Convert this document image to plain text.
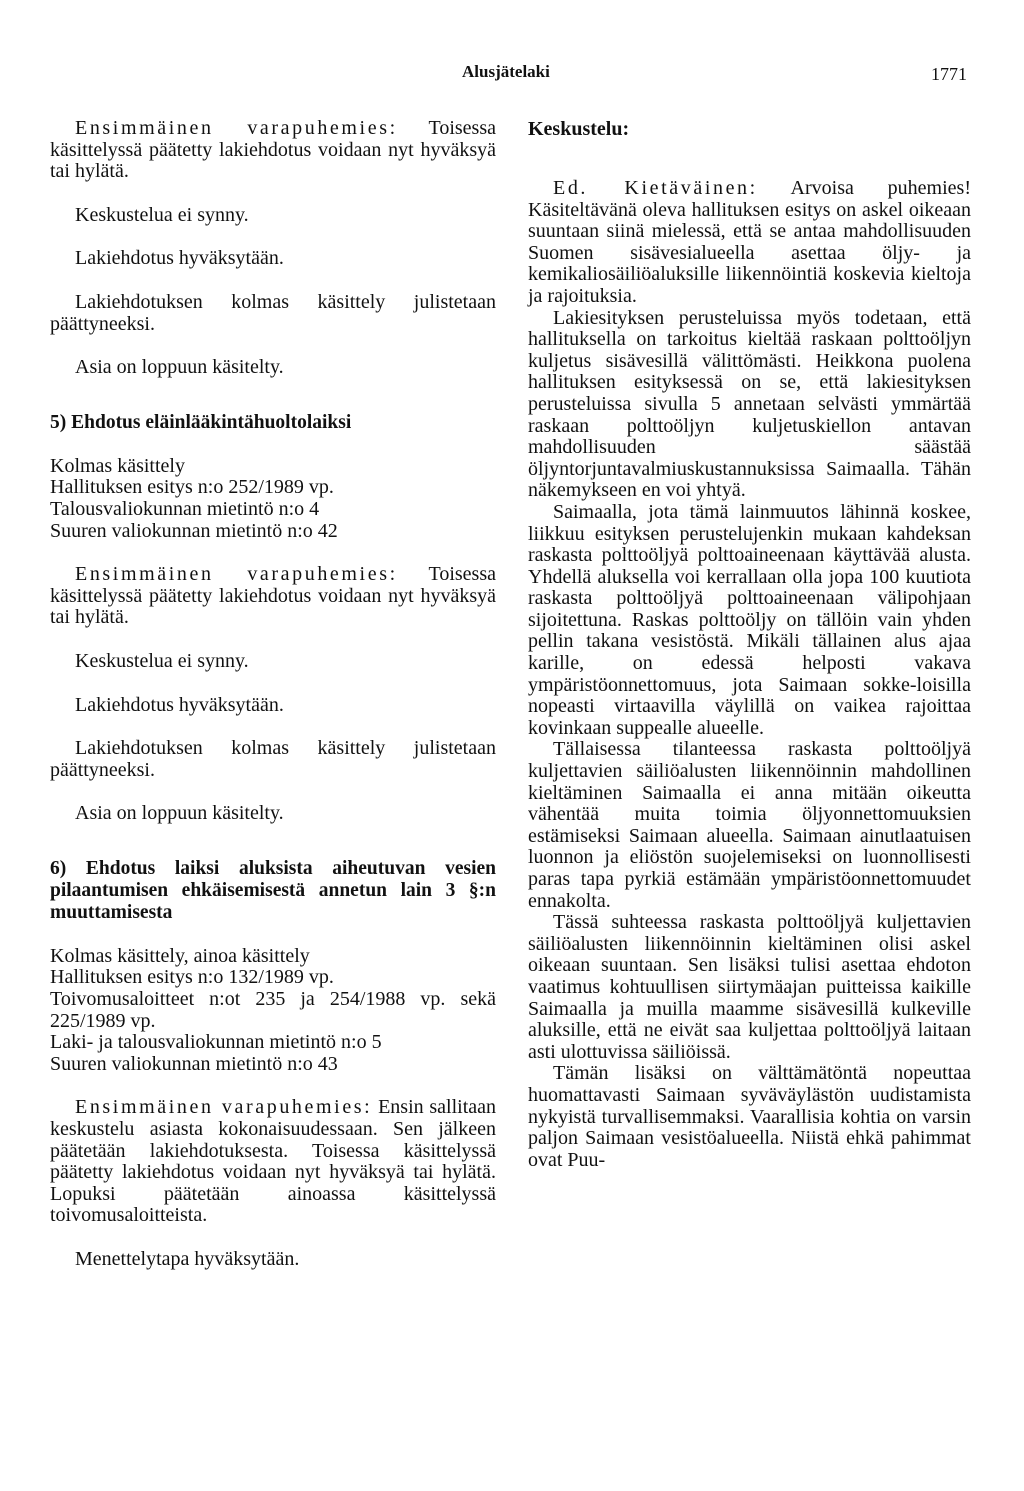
Alusjätelaki	1771

Ensimmäinen varapuhemies: Toisessa käsittelyssä päätetty lakiehdotus voidaan nyt hyväksyä tai hylätä.

Keskustelua ei synny.

Lakiehdotus hyväksytään.

Lakiehdotuksen kolmas käsittely julistetaan päättyneeksi.

Asia on loppuun käsitelty.

5) Ehdotus eläinlääkintähuoltolaiksi

Kolmas käsittely

Hallituksen esitys n:o 252/1989 vp.

Talousvaliokunnan mietintö n:o 4

Suuren valiokunnan mietintö n:o 42

Ensimmäinen varapuhemies: Toisessa käsittelyssä päätetty lakiehdotus voidaan nyt hyväksyä tai hylätä.

Keskustelua ei synny.

Lakiehdotus hyväksytään.

Lakiehdotuksen kolmas käsittely julistetaan päättyneeksi.

Asia on loppuun käsitelty.

6) Ehdotus laiksi aluksista aiheutuvan vesien pilaantumisen ehkäisemisestä annetun lain 3 §:n muuttamisesta

Kolmas käsittely, ainoa käsittely

Hallituksen esitys n:o 132/1989 vp.

Toivomusaloitteet n:ot 235 ja 254/1988 vp. sekä 225/1989 vp.

Laki- ja talousvaliokunnan mietintö n:o 5

Suuren valiokunnan mietintö n:o 43

Ensimmäinen varapuhemies: Ensin sallitaan keskustelu asiasta kokonaisuudessaan. Sen jälkeen päätetään lakiehdotuksesta. Toisessa käsittelyssä päätetty lakiehdotus voidaan nyt hyväksyä tai hylätä. Lopuksi päätetään ainoassa käsittelyssä toivomusaloitteista.

Menettelytapa hyväksytään.

Keskustelu:

Ed. Kietäväinen: Arvoisa puhemies! Käsiteltävänä oleva hallituksen esitys on askel oikeaan suuntaan siinä mielessä, että se antaa mahdollisuuden Suomen sisävesialueella asettaa öljy- ja kemikaliosäiliöaluksille liikennöintiä koskevia kieltoja ja rajoituksia.

Lakiesityksen perusteluissa myös todetaan, että hallituksella on tarkoitus kieltää raskaan polttoöljyn kuljetus sisävesillä välittömästi. Heikkona puolena hallituksen esityksessä on se, että lakiesityksen perusteluissa sivulla 5 annetaan selvästi ymmärtää raskaan polttoöljyn kuljetuskiellon antavan mahdollisuuden säästää öljyntorjuntavalmiuskustannuksissa Saimaalla. Tähän näkemykseen en voi yhtyä.

Saimaalla, jota tämä lainmuutos lähinnä koskee, liikkuu esityksen perustelujenkin mukaan kahdeksan raskasta polttoöljyä polttoaineenaan käyttävää alusta. Yhdellä aluksella voi kerrallaan olla jopa 100 kuutiota raskasta polttoöljyä polttoaineenaan välipohjaan sijoitettuna. Raskas polttoöljy on tällöin vain yhden pellin takana vesistöstä. Mikäli tällainen alus ajaa karille, on edessä helposti vakava ympäristöonnettomuus, jota Saimaan sokke-loisilla nopeasti virtaavilla väylillä on vaikea rajoittaa kovinkaan suppealle alueelle.

Tällaisessa tilanteessa raskasta polttoöljyä kuljettavien säiliöalusten liikennöinnin mahdollinen kieltäminen Saimaalla ei anna mitään oikeutta vähentää muita toimia öljyonnettomuuksien estämiseksi Saimaan alueella. Saimaan ainutlaatuisen luonnon ja eliöstön suojelemiseksi on luonnollisesti paras tapa pyrkiä estämään ympäristöonnettomuudet ennakolta.

Tässä suhteessa raskasta polttoöljyä kuljettavien säiliöalusten liikennöinnin kieltäminen olisi askel oikeaan suuntaan. Sen lisäksi tulisi asettaa ehdoton vaatimus kohtuullisen siirtymäajan puitteissa kaikille Saimaalla ja muilla maamme sisävesillä kulkeville aluksille, että ne eivät saa kuljettaa polttoöljyä laitaan asti ulottuvissa säiliöissä.

Tämän lisäksi on välttämätöntä nopeuttaa huomattavasti Saimaan syväväylästön uudistamista nykyistä turvallisemmaksi. Vaarallisia kohtia on varsin paljon Saimaan vesistöalueella. Niistä ehkä pahimmat ovat Puu-
